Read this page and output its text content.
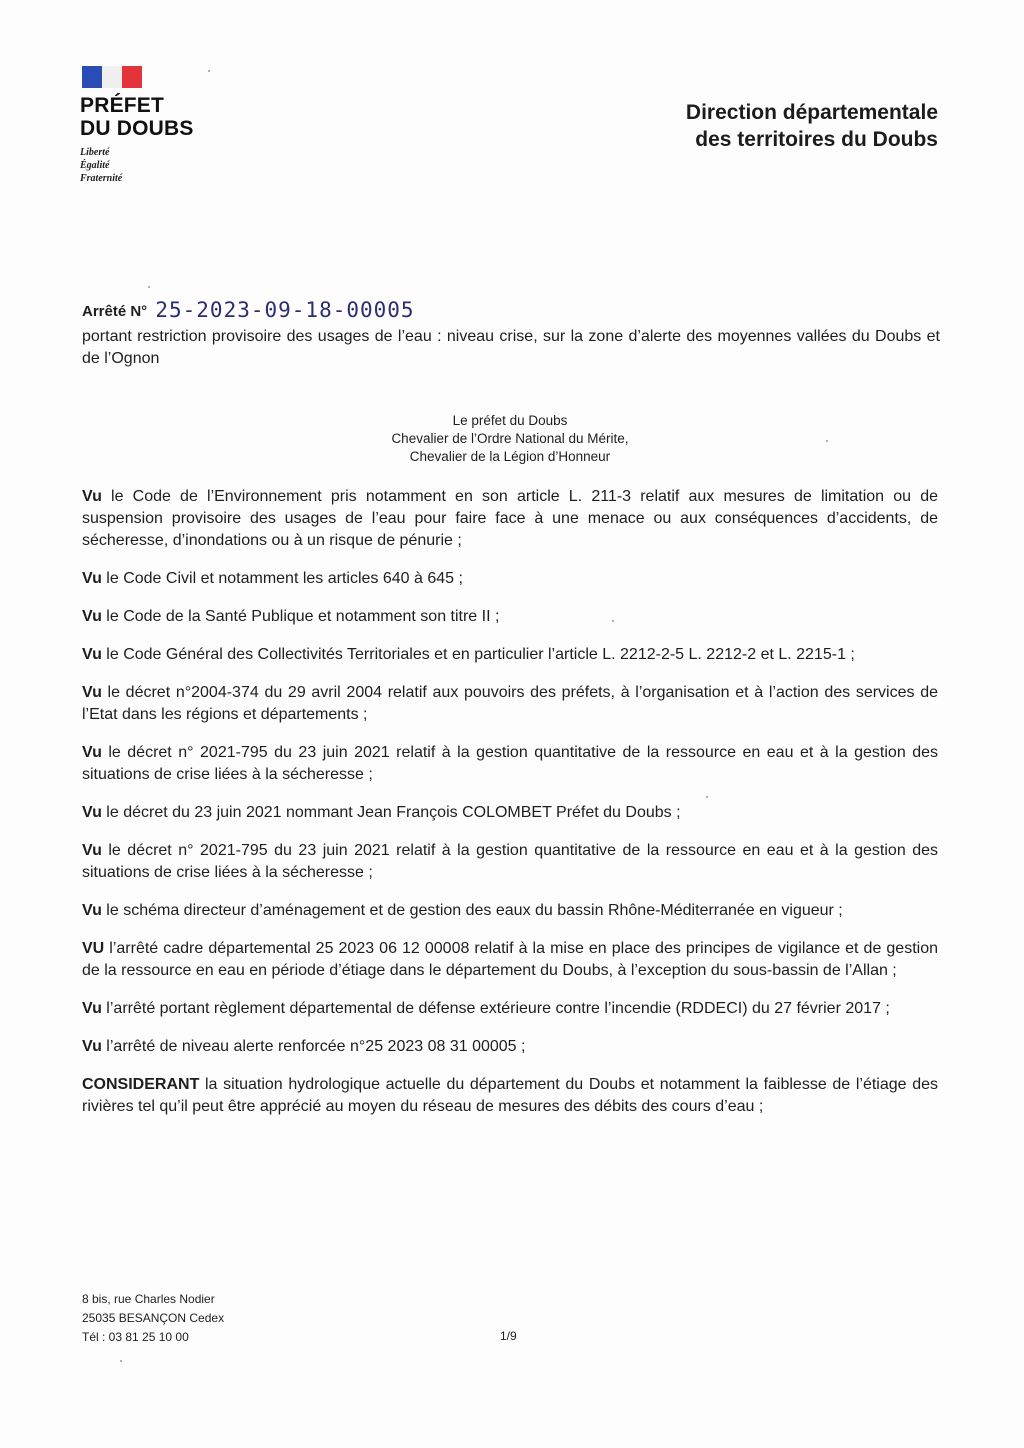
PRÉFET
DU DOUBS
Liberté
Égalité
Fraternité
Direction départementale
des territoires du Doubs
Arrêté N° 25-2023-09-18-00005
portant restriction provisoire des usages de l’eau : niveau crise, sur la zone d’alerte des moyennes vallées du Doubs et de l’Ognon
Le préfet du Doubs
Chevalier de l’Ordre National du Mérite,
Chevalier de la Légion d’Honneur

Vu le Code de l’Environnement pris notamment en son article L. 211-3 relatif aux mesures de limitation ou de suspension provisoire des usages de l’eau pour faire face à une menace ou aux conséquences d’accidents, de sécheresse, d’inondations ou à un risque de pénurie ;

Vu le Code Civil et notamment les articles 640 à 645 ;

Vu le Code de la Santé Publique et notamment son titre II ;

Vu le Code Général des Collectivités Territoriales et en particulier l’article L. 2212-2-5 L. 2212-2 et L. 2215-1 ;

Vu le décret n°2004-374 du 29 avril 2004 relatif aux pouvoirs des préfets, à l’organisation et à l’action des services de l’Etat dans les régions et départements ;

Vu le décret n° 2021-795 du 23 juin 2021 relatif à la gestion quantitative de la ressource en eau et à la gestion des situations de crise liées à la sécheresse ;

Vu le décret du 23 juin 2021 nommant Jean François COLOMBET Préfet du Doubs ;

Vu le décret n° 2021-795 du 23 juin 2021 relatif à la gestion quantitative de la ressource en eau et à la gestion des situations de crise liées à la sécheresse ;

Vu le schéma directeur d’aménagement et de gestion des eaux du bassin Rhône-Méditerranée en vigueur ;

VU l’arrêté cadre départemental 25 2023 06 12 00008 relatif à la mise en place des principes de vigilance et de gestion de la ressource en eau en période d’étiage dans le département du Doubs, à l’exception du sous-bassin de l’Allan ;

Vu l’arrêté portant règlement départemental de défense extérieure contre l’incendie (RDDECI) du 27 février 2017 ;

Vu l’arrêté de niveau alerte renforcée n°25 2023 08 31 00005 ;

CONSIDERANT la situation hydrologique actuelle du département du Doubs et notamment la faiblesse de l’étiage des rivières tel qu’il peut être apprécié au moyen du réseau de mesures des débits des cours d’eau ;

8 bis, rue Charles Nodier
25035 BESANÇON Cedex
Tél : 03 81 25 10 00	1/9
